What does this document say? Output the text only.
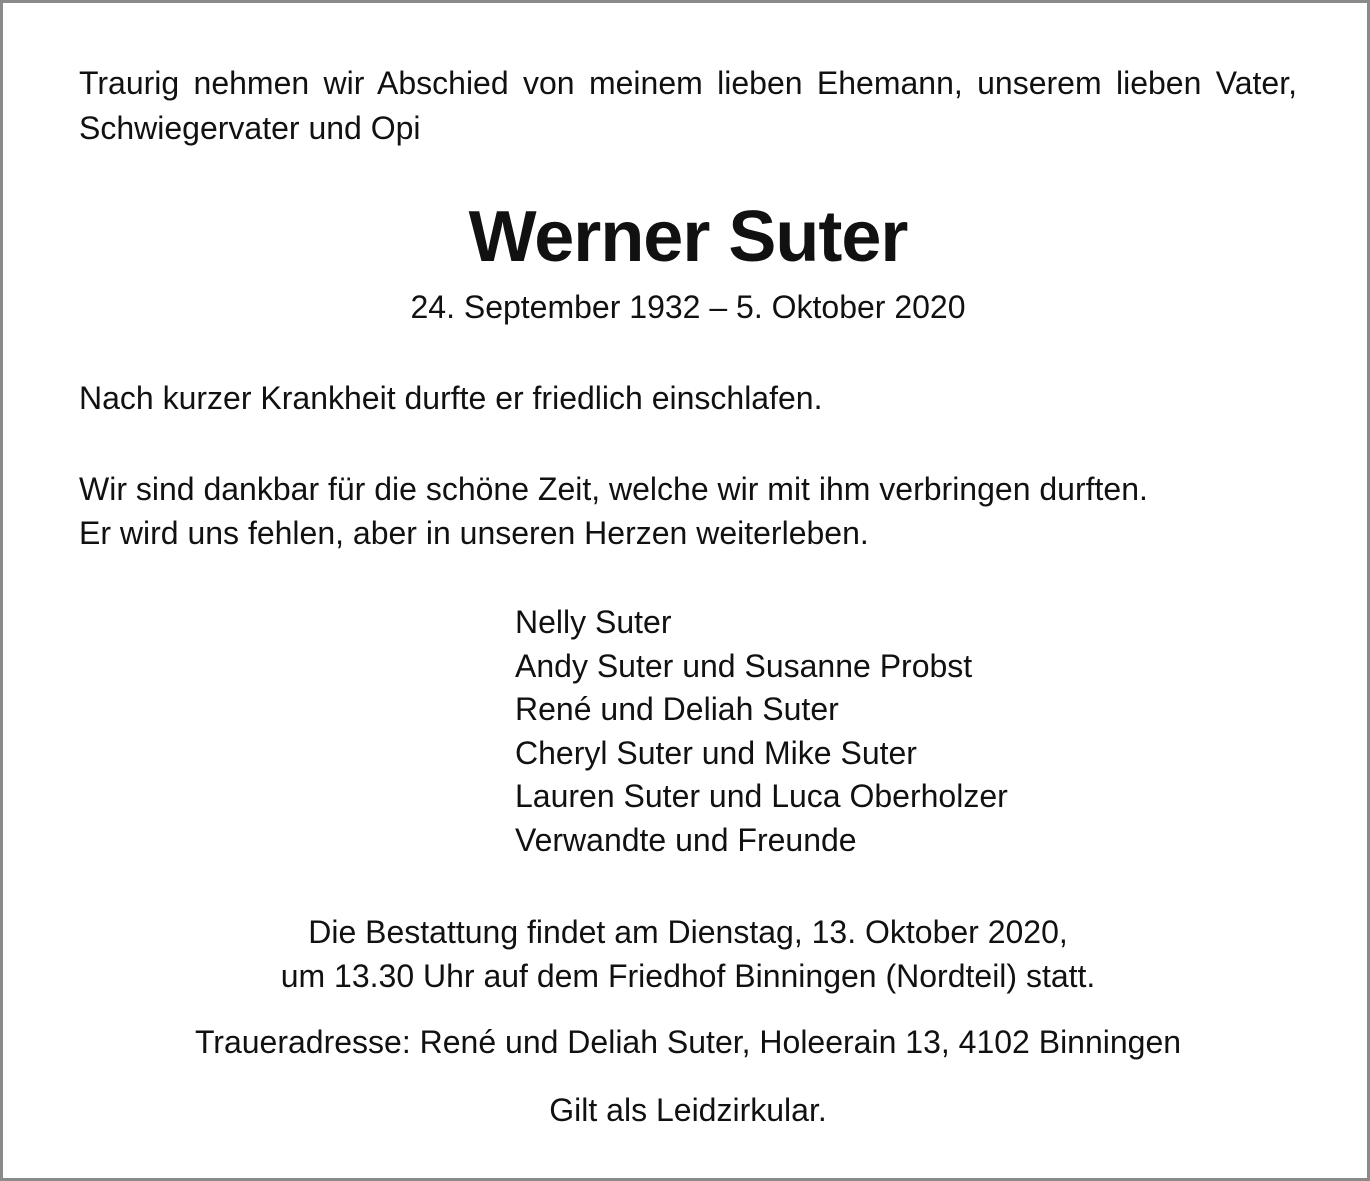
Traurig nehmen wir Abschied von meinem lieben Ehemann, unserem lieben Vater, Schwiegervater und Opi

Werner Suter

24. September 1932 – 5. Oktober 2020

Nach kurzer Krankheit durfte er friedlich einschlafen.

Wir sind dankbar für die schöne Zeit, welche wir mit ihm verbringen durften.
Er wird uns fehlen, aber in unseren Herzen weiterleben.

Nelly Suter
Andy Suter und Susanne Probst
René und Deliah Suter
Cheryl Suter und Mike Suter
Lauren Suter und Luca Oberholzer
Verwandte und Freunde

Die Bestattung findet am Dienstag, 13. Oktober 2020,
um 13.30 Uhr auf dem Friedhof Binningen (Nordteil) statt.

Traueradresse: René und Deliah Suter, Holeerain 13, 4102 Binningen

Gilt als Leidzirkular.
